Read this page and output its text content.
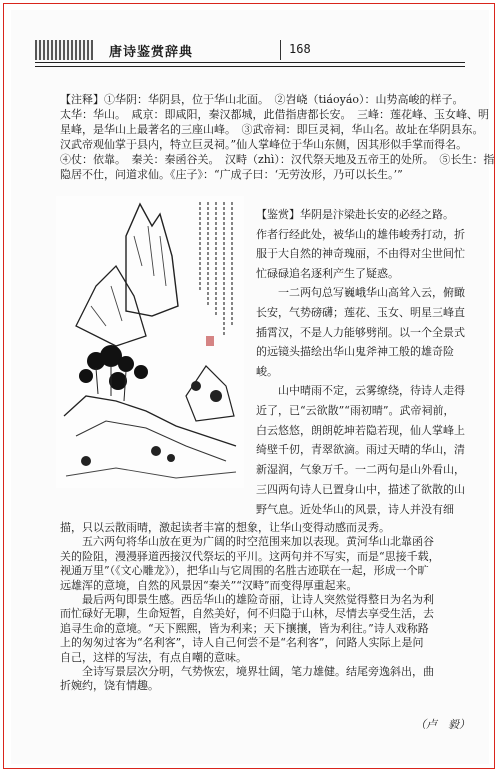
唐诗鉴赏辞典	168
【注释】①华阴：华阴县，位于华山北面。　②岧峣（tiáoyáo）：山势高峻的样子。
太华：华山。　咸京：即咸阳，秦汉都城，此借指唐都长安。　三峰：莲花峰、玉女峰、明
星峰，是华山上最著名的三座山峰。　③武帝祠：即巨灵祠，华山名。故址在华阴县东。
汉武帝观仙掌于县内，特立巨灵祠。”仙人掌峰位于华山东侧，因其形似手掌而得名。
④仗：依靠。　秦关：秦函谷关。　汉畤（zhì）：汉代祭天地及五帝王的处所。　⑤长生：指
隐居不仕，问道求仙。《庄子》：“广成子曰：‘无劳汝形，乃可以长生。’”
【鉴赏】华阴是汴梁赴长安的必经之路。
作者行经此处，被华山的雄伟峻秀打动，折
服于大自然的神奇瑰丽，不由得对尘世间忙
忙碌碌追名逐利产生了疑惑。
　　一二两句总写巍峨华山高耸入云，俯瞰
长安，气势磅礴；莲花、玉女、明星三峰直
插霄汉，不是人力能够劈削。以一个全景式
的远镜头描绘出华山鬼斧神工般的雄奇险
峻。
　　山中晴雨不定，云雾缭绕，待诗人走得
近了，已“云欲散”“雨初晴”。武帝祠前，
白云悠悠，朗朗乾坤若隐若现，仙人掌峰上
绮壁千仞，青翠欲滴。雨过天晴的华山，清
新湿润，气象万千。一二两句是山外看山，
三四两句诗人已置身山中，描述了欲散的山
野气息。近处华山的风景，诗人并没有细
描，只以云散雨晴，激起读者丰富的想象，让华山变得动感而灵秀。
　　五六两句将华山放在更为广阔的时空范围来加以表现。黄河华山北靠函谷
关的险阻，漫漫驿道西接汉代祭坛的平川。这两句并不写实，而是“思接千载，
视通万里”（《文心雕龙》），把华山与它周围的名胜古迹联在一起，形成一个旷
远雄浑的意境，自然的风景因“秦关”“汉畤”而变得厚重起来。
　　最后两句即景生感。西岳华山的雄险奇丽，让诗人突然觉得整日为名为利
而忙碌好无聊，生命短暂，自然美好，何不归隐于山林，尽情去享受生活，去
追寻生命的意境。“天下熙熙，皆为利来；天下攘攘，皆为利往。”诗人戏称路
上的匆匆过客为“名利客”，诗人自己何尝不是“名利客”，问路人实际上是问
自己，这样的写法，有点自嘲的意味。
　　全诗写景层次分明，气势恢宏，境界壮阔，笔力雄健。结尾旁逸斜出，曲
折婉约，饶有情趣。
（卢　毅）
